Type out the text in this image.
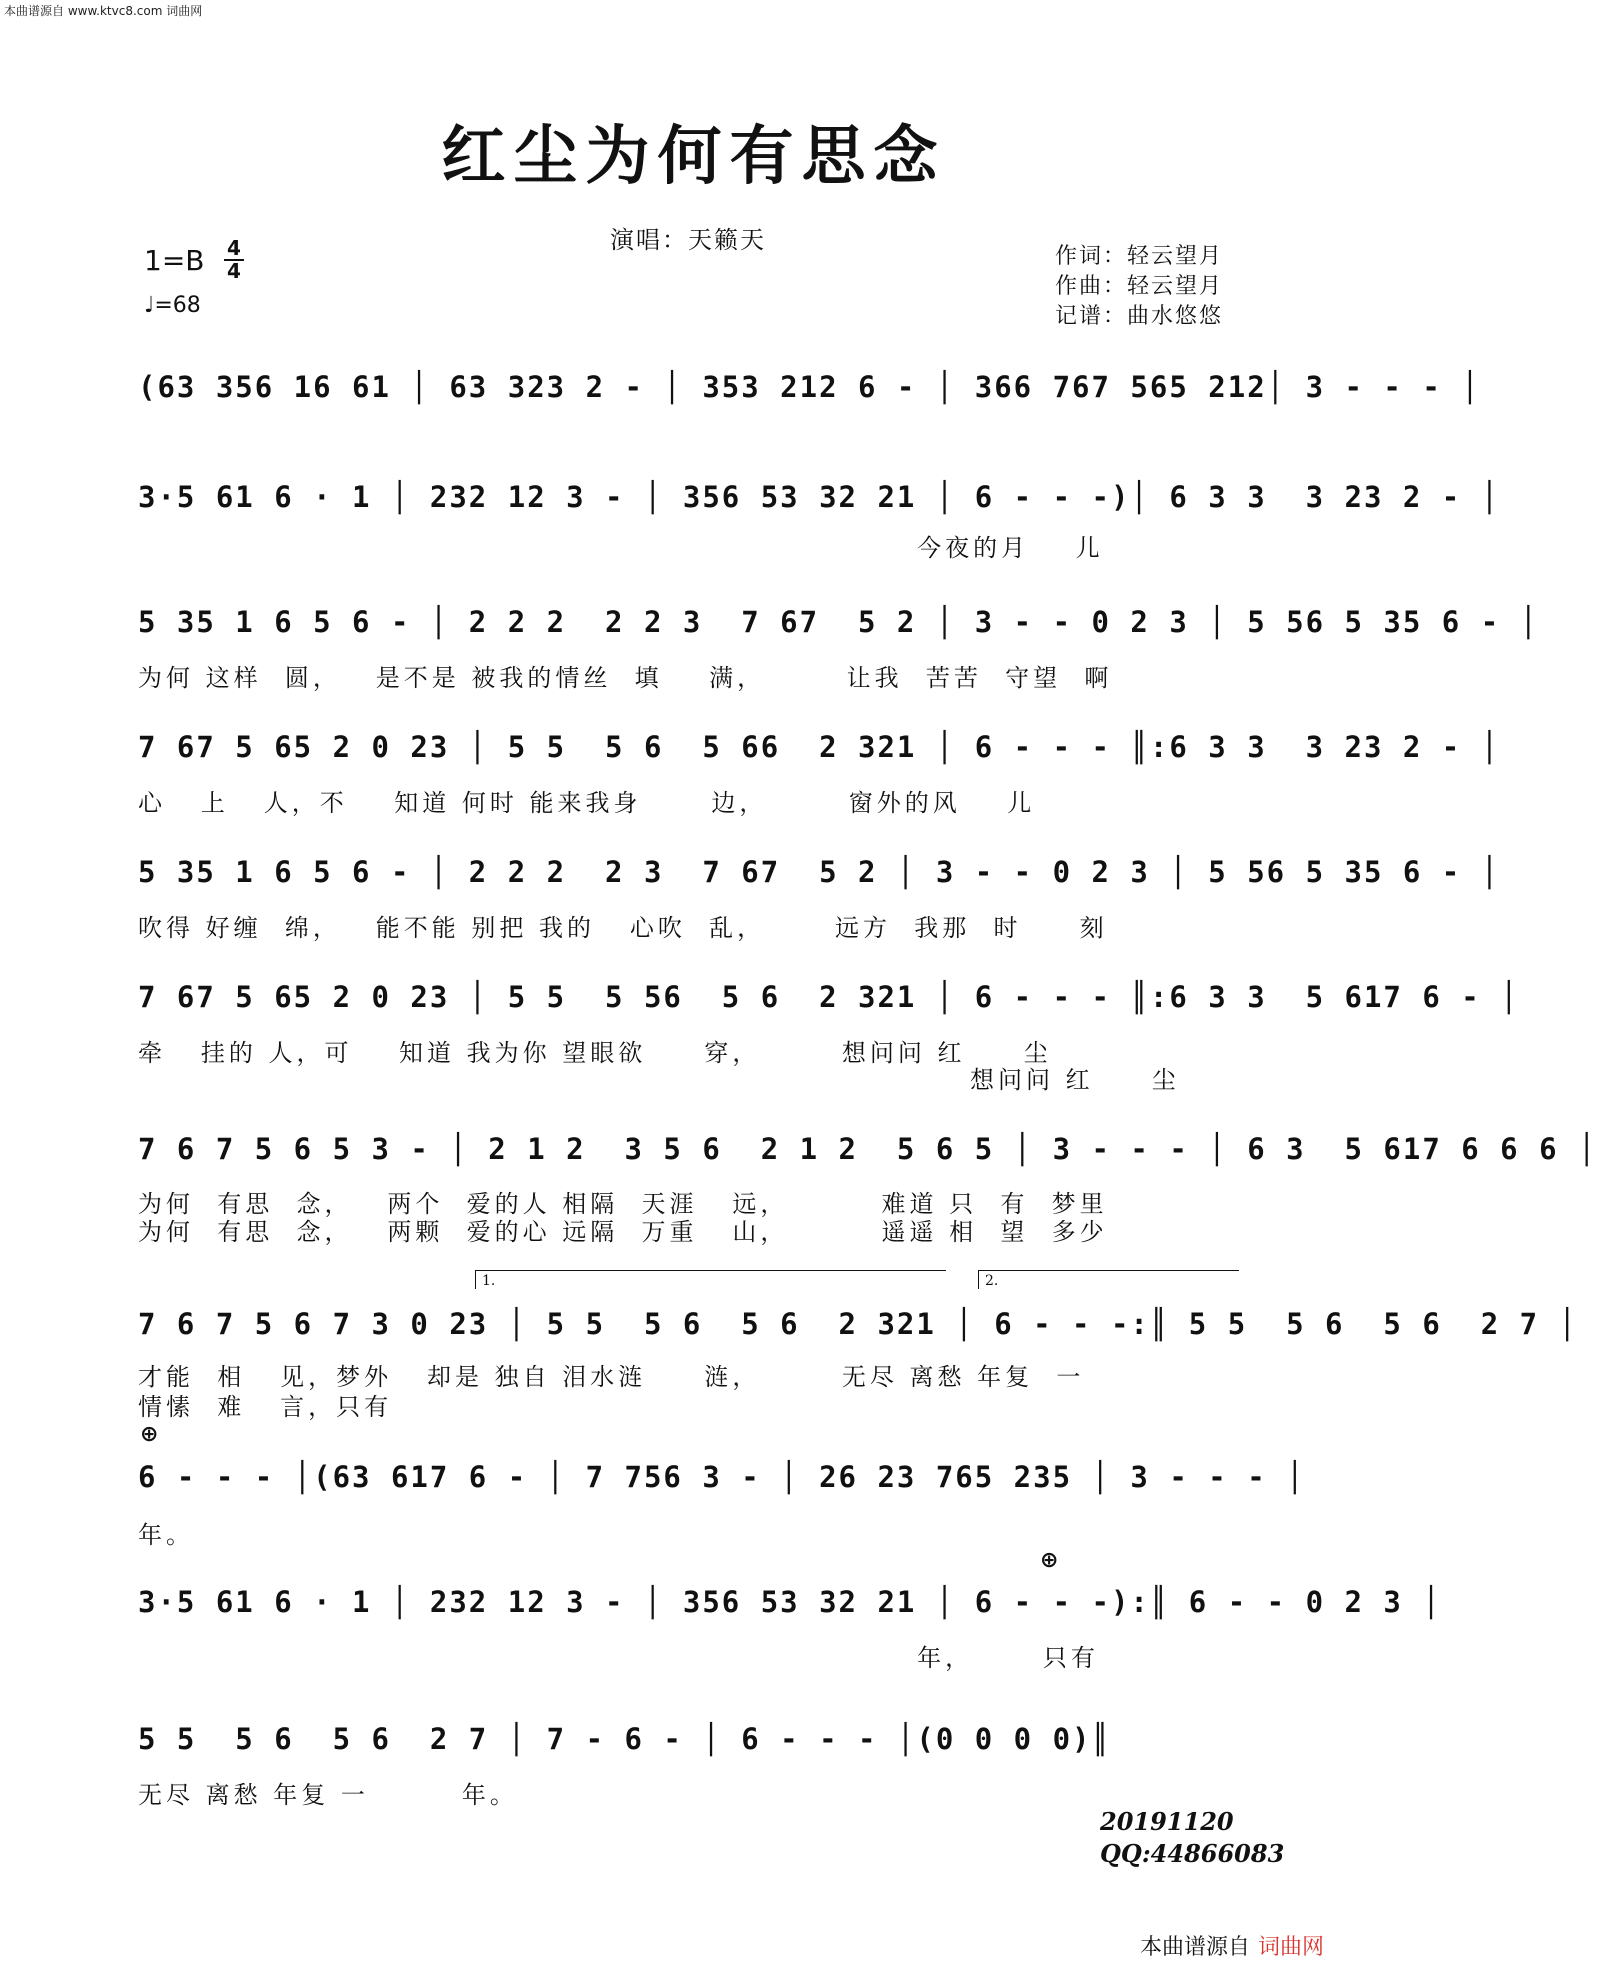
本曲谱源自 www.ktvc8.com 词曲网
红尘为何有思念
演唱：天籁天
作词：轻云望月
作曲：轻云望月
记谱：曲水悠悠
$1=B \frac{4}{4}$
♩=68
(63 356 16 61 │ 63 323 2 - │ 353 212 6 - │ 366 767 565 212│ 3 - - - │
3·5 61 6 · 1 │ 232 12 3 - │ 356 53 32 21 │ 6 - - -)│ 6 3 3  3 23 2 - │
今夜的月    儿
5 35 1 6 5 6 - │ 2 2 2  2 2 3  7 67  5 2 │ 3 - - 0 2 3 │ 5 56 5 35 6 - │
为何 这样  圆，   是不是 被我的情丝  填    满，       让我  苦苦  守望  啊
7 67 5 65 2 0 23 │ 5 5  5 6  5 66  2 321 │ 6 - - - ║:6 3 3  3 23 2 - │
心   上   人，不    知道 何时 能来我身      边，       窗外的风    儿
5 35 1 6 5 6 - │ 2 2 2  2 3  7 67  5 2 │ 3 - - 0 2 3 │ 5 56 5 35 6 - │
吹得 好缠  绵，   能不能 别把 我的   心吹  乱，      远方  我那  时     刻
7 67 5 65 2 0 23 │ 5 5  5 56  5 6  2 321 │ 6 - - - ║:6 3 3  5 617 6 - │
牵   挂的 人，可    知道 我为你 望眼欲     穿，       想问问 红     尘
想问问 红     尘
7 6 7 5 6 5 3 - │ 2 1 2  3 5 6  2 1 2  5 6 5 │ 3 - - - │ 6 3  5 617 6 6 6 │
为何  有思  念，   两个  爱的人 相隔  天涯   远，        难道 只  有  梦里
为何  有思  念，   两颗  爱的心 远隔  万重   山，        遥遥 相  望  多少
1.	2.
7 6 7 5 6 7 3 0 23 │ 5 5  5 6  5 6  2 321 │ 6 - - -:║ 5 5  5 6  5 6  2 7 │
才能  相   见，梦外   却是 独自 泪水涟     涟，       无尽 离愁 年复  一
情愫  难   言，只有
⊕
6 - - - │(63 617 6 - │ 7 756 3 - │ 26 23 765 235 │ 3 - - - │
年。
⊕
3·5 61 6 · 1 │ 232 12 3 - │ 356 53 32 21 │ 6 - - -):║ 6 - - 0 2 3 │
年，      只有
5 5  5 6  5 6  2 7 │ 7 - 6 - │ 6 - - - │(0 0 0 0)║
无尽 离愁 年复 一        年。
20191120
QQ:44866083
本曲谱源自 词曲网
